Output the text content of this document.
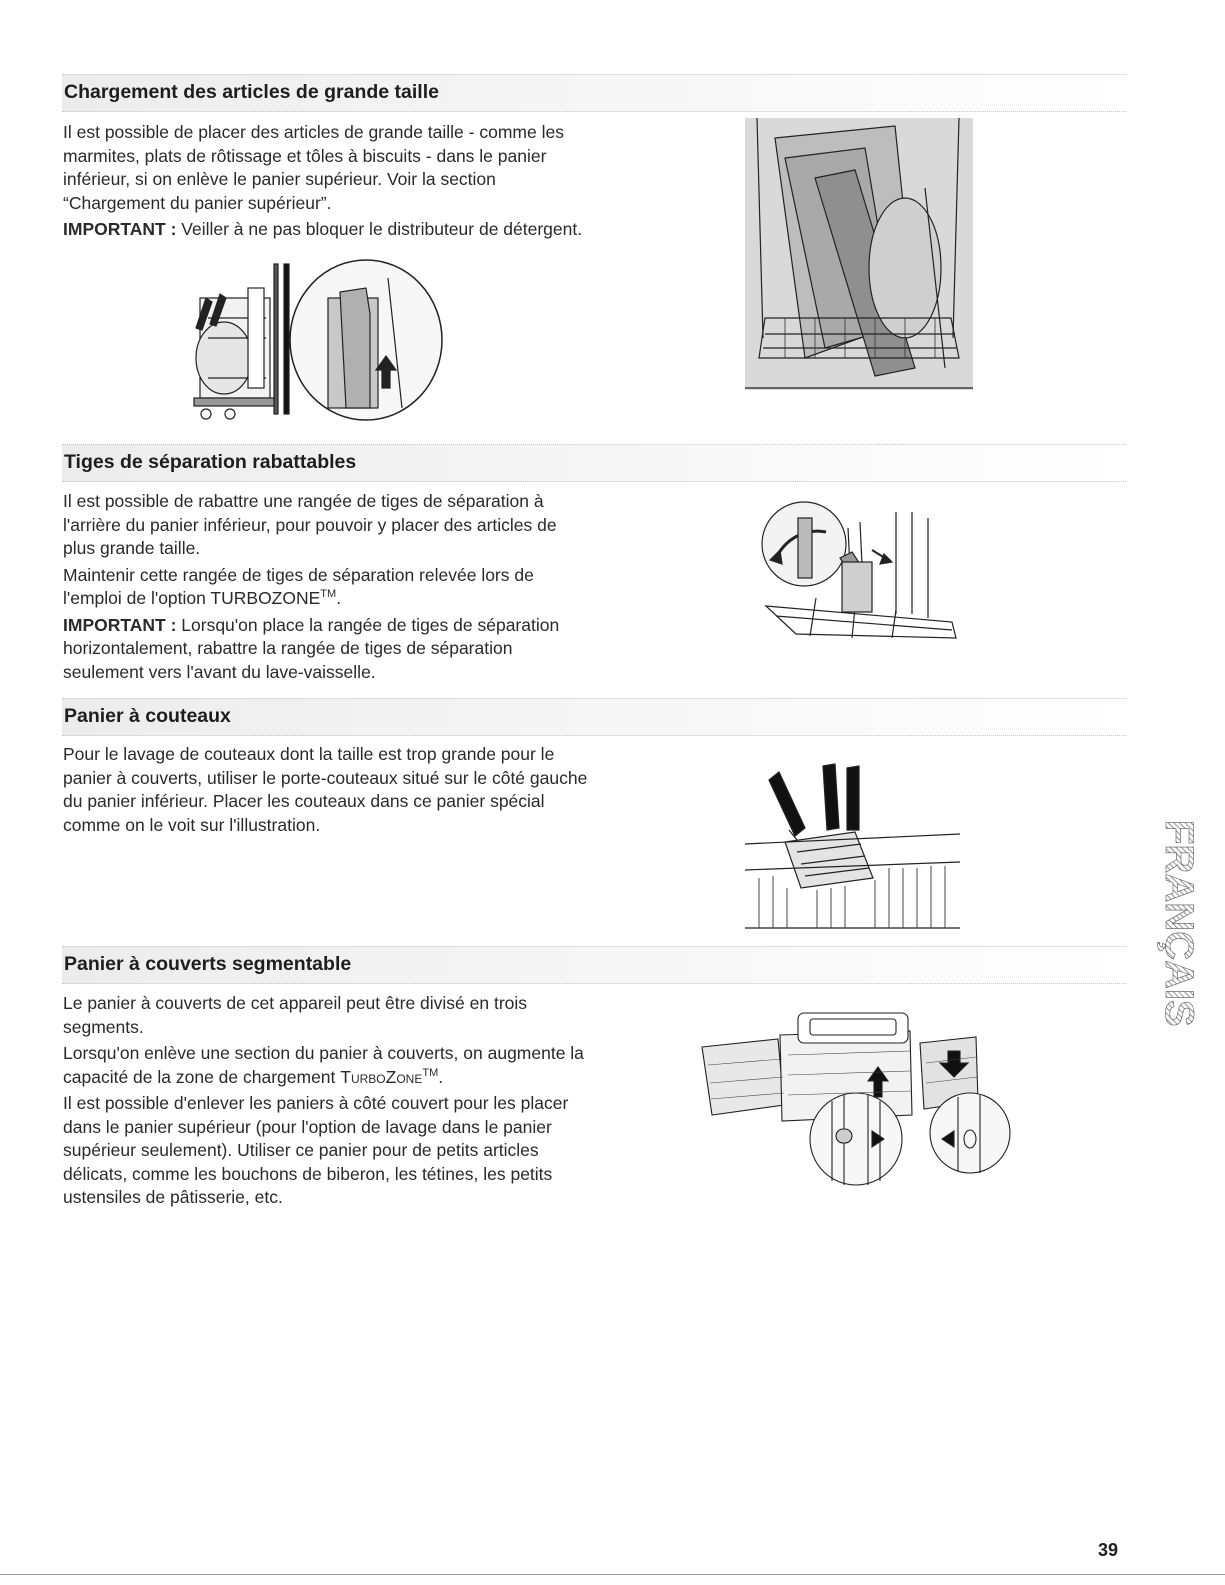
Chargement des articles de grande taille

Il est possible de placer des articles de grande taille - comme les marmites, plats de rôtissage et tôles à biscuits - dans le panier inférieur, si on enlève le panier supérieur. Voir la section “Chargement du panier supérieur”.

IMPORTANT : Veiller à ne pas bloquer le distributeur de détergent.

Tiges de séparation rabattables

Il est possible de rabattre une rangée de tiges de séparation à l'arrière du panier inférieur, pour pouvoir y placer des articles de plus grande taille.

Maintenir cette rangée de tiges de séparation relevée lors de l'emploi de l'option TURBOZONE™.

IMPORTANT : Lorsqu'on place la rangée de tiges de séparation horizontalement, rabattre la rangée de tiges de séparation seulement vers l'avant du lave-vaisselle.

Panier à couteaux

Pour le lavage de couteaux dont la taille est trop grande pour le panier à couverts, utiliser le porte-couteaux situé sur le côté gauche du panier inférieur. Placer les couteaux dans ce panier spécial comme on le voit sur l'illustration.

Panier à couverts segmentable

Le panier à couverts de cet appareil peut être divisé en trois segments.

Lorsqu'on enlève une section du panier à couverts, on augmente la capacité de la zone de chargement TurboZone™.

Il est possible d'enlever les paniers à côté couvert pour les placer dans le panier supérieur (pour l'option de lavage dans le panier supérieur seulement). Utiliser ce panier pour de petits articles délicats, comme les bouchons de biberon, les tétines, les petits ustensiles de pâtisserie, etc.

FRANÇAIS
39
